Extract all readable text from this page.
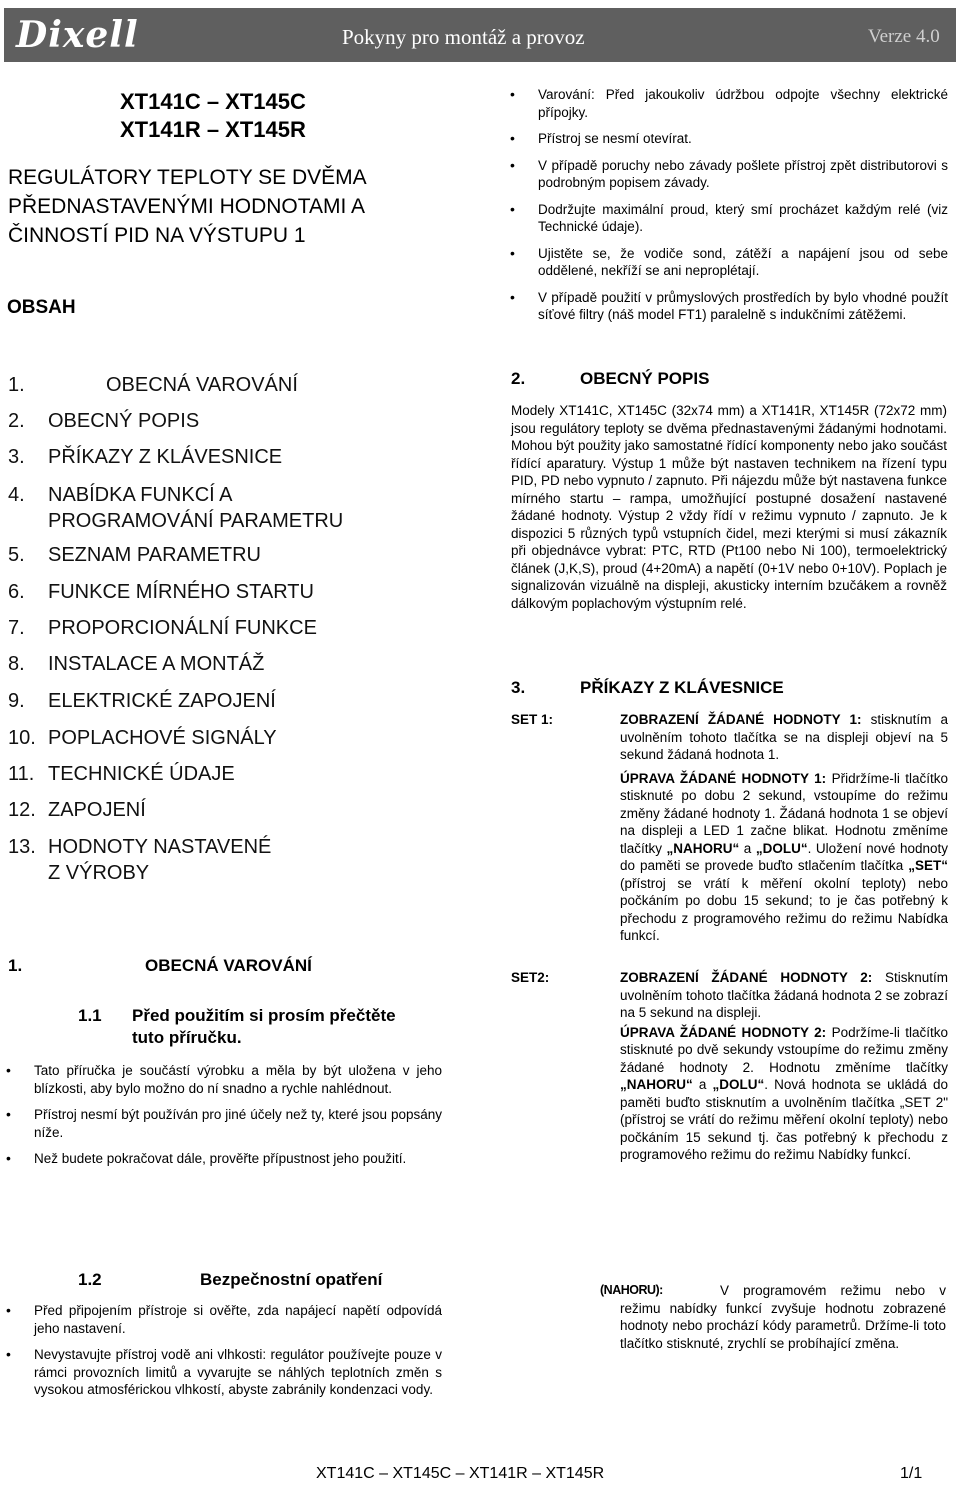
Dixell	Pokyny pro montáž a provoz	Verze 4.0
XT141C – XT145C
XT141R – XT145R
REGULÁTORY TEPLOTY SE DVĚMA
PŘEDNASTAVENÝMI HODNOTAMI A
ČINNOSTÍ PID NA VÝSTUPU 1
OBSAH
1.	OBECNÁ VAROVÁNÍ
2. OBECNÝ POPIS
3. PŘÍKAZY Z KLÁVESNICE
4. NABÍDKA FUNKCÍ A
PROGRAMOVÁNÍ PARAMETRU
5. SEZNAM PARAMETRU
6. FUNKCE MÍRNÉHO STARTU
7. PROPORCIONÁLNÍ FUNKCE
8. INSTALACE A MONTÁŽ
9. ELEKTRICKÉ ZAPOJENÍ
10. POPLACHOVÉ SIGNÁLY
11. TECHNICKÉ ÚDAJE
12. ZAPOJENÍ
13. HODNOTY NASTAVENÉ
Z VÝROBY
1.	OBECNÁ VAROVÁNÍ
1.1 Před použitím si prosím přečtěte
tuto příručku.
• Tato příručka je součástí výrobku a měla by být uložena v jeho blízkosti, aby bylo možno do ní snadno a rychle nahlédnout.
• Přístroj nesmí být používán pro jiné účely než ty, které jsou popsány níže.
• Než budete pokračovat dále, prověřte přípustnost jeho použití.
1.2	Bezpečnostní opatření
• Před připojením přístroje si ověřte, zda napájecí napětí odpovídá jeho nastavení.
• Nevystavujte přístroj vodě ani vlhkosti: regulátor používejte pouze v rámci provozních limitů a vyvarujte se náhlých teplotních změn s vysokou atmosférickou vlhkostí, abyste zabránily kondenzaci vody.
• Varování: Před jakoukoliv údržbou odpojte všechny elektrické přípojky.
• Přístroj se nesmí otevírat.
• V případě poruchy nebo závady pošlete přístroj zpět distributorovi s podrobným popisem závady.
• Dodržujte maximální proud, který smí procházet každým relé (viz Technické údaje).
• Ujistěte se, že vodiče sond, zátěží a napájení jsou od sebe oddělené, nekříží se ani neproplétají.
• V případě použití v průmyslových prostředích by bylo vhodné použít síťové filtry (náš model FT1) paralelně s indukčními zátěžemi.
2.	OBECNÝ POPIS
Modely XT141C, XT145C (32x74 mm) a XT141R, XT145R (72x72 mm) jsou regulátory teploty se dvěma přednastavenými žádanými hodnotami. Mohou být použity jako samostatné řídící komponenty nebo jako součást řídící aparatury. Výstup 1 může být nastaven technikem na řízení typu PID, PD nebo vypnuto / zapnuto. Při nájezdu může být nastavena funkce mírného startu – rampa, umožňující postupné dosažení nastavené žádané hodnoty. Výstup 2 vždy řídí v režimu vypnuto / zapnuto. Je k dispozici 5 různých typů vstupních čidel, mezi kterými si musí zákazník při objednávce vybrat: PTC, RTD (Pt100 nebo Ni 100), termoelektrický článek (J,K,S), proud (4+20mA) a napětí (0+1V nebo 0+10V). Poplach je signalizován vizuálně na displeji, akusticky interním bzučákem a rovněž dálkovým poplachovým výstupním relé.
3.	PŘÍKAZY Z KLÁVESNICE
SET 1:	ZOBRAZENÍ ŽÁDANÉ HODNOTY 1: stisknutím a uvolněním tohoto tlačítka se na displeji objeví na 5 sekund žádaná hodnota 1.
ÚPRAVA ŽÁDANÉ HODNOTY 1: Přidržíme-li tlačítko stisknuté po dobu 2 sekund, vstoupíme do režimu změny žádané hodnoty 1. Žádaná hodnota 1 se objeví na displeji a LED 1 začne blikat. Hodnotu změníme tlačítky „NAHORU“ a „DOLU“. Uložení nové hodnoty do paměti se provede buďto stlačením tlačítka „SET“ (přístroj se vrátí k měření okolní teploty) nebo počkáním po dobu 15 sekund; to je čas potřebný k přechodu z programového režimu do režimu Nabídka funkcí.
SET2:	ZOBRAZENÍ ŽÁDANÉ HODNOTY 2: Stisknutím uvolněním tohoto tlačítka žádaná hodnota 2 se zobrazí na 5 sekund na displeji.
ÚPRAVA ŽÁDANÉ HODNOTY 2: Podržíme-li tlačítko stisknuté po dvě sekundy vstoupíme do režimu změny žádané hodnoty 2. Hodnotu změníme tlačítky „NAHORU“ a „DOLU“. Nová hodnota se ukládá do paměti buďto stisknutím a uvolněním tlačítka „SET 2" (přístroj se vrátí do režimu měření okolní teploty) nebo počkáním 15 sekund tj. čas potřebný k přechodu z programového režimu do režimu Nabídky funkcí.
(NAHORU):	V programovém režimu nebo v režimu nabídky funkcí zvyšuje hodnotu zobrazené hodnoty nebo prochází kódy parametrů. Držíme-li toto tlačítko stisknuté, zrychlí se probíhající změna.
XT141C – XT145C – XT141R – XT145R	1/1
